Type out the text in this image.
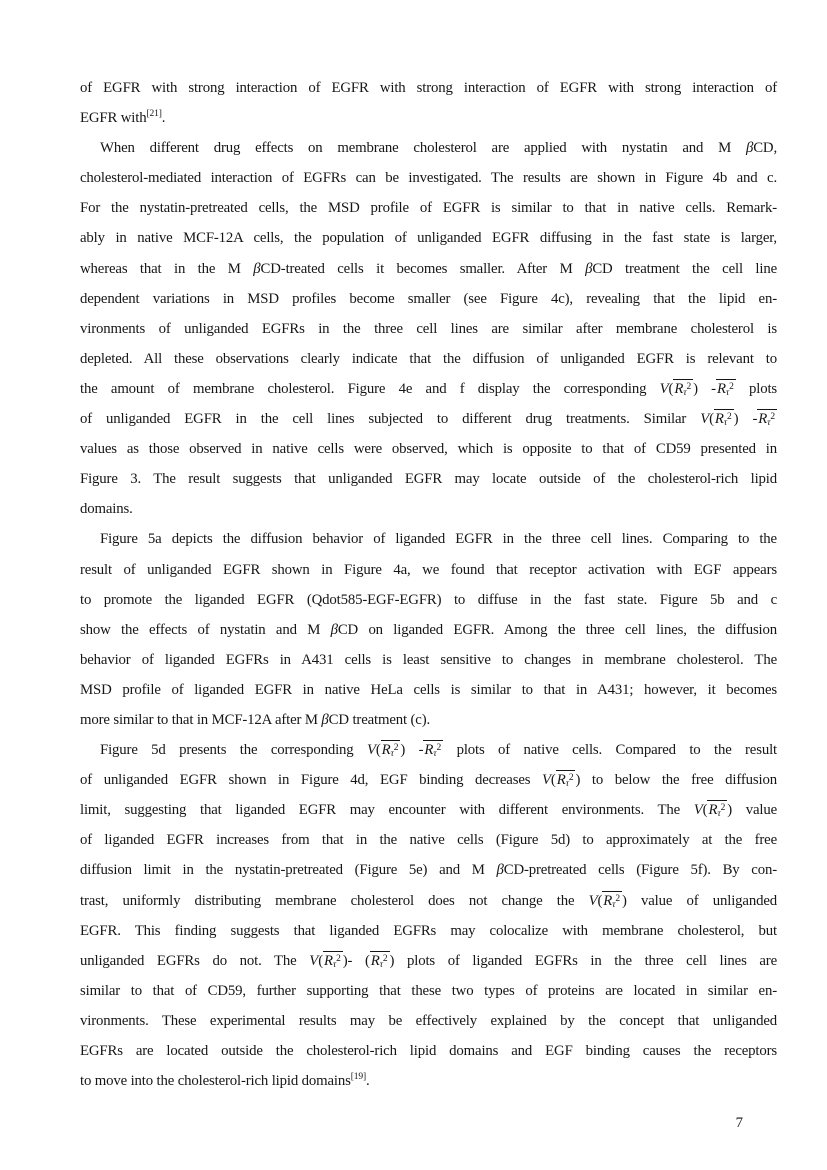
of EGFR with strong interaction of EGFR with strong interaction of EGFR with strong interaction of
EGFR with[21].
When different drug effects on membrane cholesterol are applied with nystatin and M βCD,
cholesterol-mediated interaction of EGFRs can be investigated. The results are shown in Figure 4b and c.
For the nystatin-pretreated cells, the MSD profile of EGFR is similar to that in native cells. Remark-
ably in native MCF-12A cells, the population of unliganded EGFR diffusing in the fast state is larger,
whereas that in the M βCD-treated cells it becomes smaller. After M βCD treatment the cell line
dependent variations in MSD profiles become smaller (see Figure 4c), revealing that the lipid en-
vironments of unliganded EGFRs in the three cell lines are similar after membrane cholesterol is
depleted. All these observations clearly indicate that the diffusion of unliganded EGFR is relevant to
the amount of membrane cholesterol. Figure 4e and f display the corresponding $V(R_\tau^2$ ) $-R_\tau^2$ plots
of unliganded EGFR in the cell lines subjected to different drug treatments. Similar $V(R_\tau^2$ ) $-R_\tau^2$
values as those observed in native cells were observed, which is opposite to that of CD59 presented in
Figure 3. The result suggests that unliganded EGFR may locate outside of the cholesterol-rich lipid
domains.
Figure 5a depicts the diffusion behavior of liganded EGFR in the three cell lines. Comparing to the
result of unliganded EGFR shown in Figure 4a, we found that receptor activation with EGF appears
to promote the liganded EGFR (Qdot585-EGF-EGFR) to diffuse in the fast state. Figure 5b and c
show the effects of nystatin and M βCD on liganded EGFR. Among the three cell lines, the diffusion
behavior of liganded EGFRs in A431 cells is least sensitive to changes in membrane cholesterol. The
MSD profile of liganded EGFR in native HeLa cells is similar to that in A431; however, it becomes
more similar to that in MCF-12A after M βCD treatment (c).
Figure 5d presents the corresponding $V(R_\tau^2$ ) $-R_\tau^2$ plots of native cells. Compared to the result
of unliganded EGFR shown in Figure 4d, EGF binding decreases $V(R_\tau^2$ ) to below the free diffusion
limit, suggesting that liganded EGFR may encounter with different environments. The $V(R_\tau^2$ ) value
of liganded EGFR increases from that in the native cells (Figure 5d) to approximately at the free
diffusion limit in the nystatin-pretreated (Figure 5e) and M βCD-pretreated cells (Figure 5f). By con-
trast, uniformly distributing membrane cholesterol does not change the $V(R_\tau^2$ ) value of unliganded
EGFR. This finding suggests that liganded EGFRs may colocalize with membrane cholesterol, but
unliganded EGFRs do not. The $V(R_\tau^2$ )- ($R_\tau^2$ ) plots of liganded EGFRs in the three cell lines are
similar to that of CD59, further supporting that these two types of proteins are located in similar en-
vironments. These experimental results may be effectively explained by the concept that unliganded
EGFRs are located outside the cholesterol-rich lipid domains and EGF binding causes the receptors
to move into the cholesterol-rich lipid domains[19].
7
